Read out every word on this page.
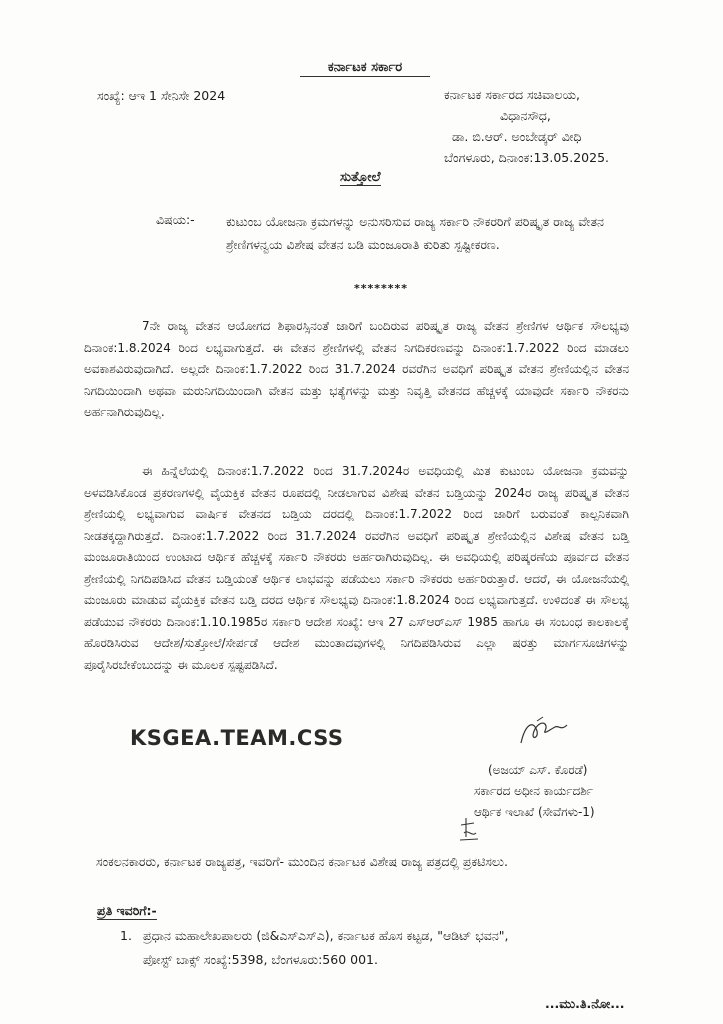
ಕರ್ನಾಟಕ ಸರ್ಕಾರ
ಸಂಖ್ಯೆ: ಆಇ 1 ಸೇನಿಸೇ 2024	ಕರ್ನಾಟಕ ಸರ್ಕಾರದ ಸಚಿವಾಲಯ,
ವಿಧಾನಸೌಧ,
ಡಾ. ಬಿ.ಆರ್. ಅಂಬೇಡ್ಕರ್ ವೀಧಿ
ಬೆಂಗಳೂರು, ದಿನಾಂಕ:13.05.2025.
ಸುತ್ತೋಲೆ
ವಿಷಯ:-	ಕುಟುಂಬ ಯೋಜನಾ ಕ್ರಮಗಳನ್ನು ಅನುಸರಿಸುವ ರಾಜ್ಯ ಸರ್ಕಾರಿ ನೌಕರರಿಗೆ ಪರಿಷ್ಕೃತ ರಾಜ್ಯ ವೇತನ ಶ್ರೇಣಿಗಳನ್ವಯ ವಿಶೇಷ ವೇತನ ಬಡಿ ಮಂಜೂರಾತಿ ಕುರಿತು ಸ್ಪಷ್ಟೀಕರಣ.
********
7ನೇ ರಾಜ್ಯ ವೇತನ ಆಯೋಗದ ಶಿಫಾರಸ್ಸಿನಂತೆ ಜಾರಿಗೆ ಬಂದಿರುವ ಪರಿಷ್ಕೃತ ರಾಜ್ಯ ವೇತನ ಶ್ರೇಣಿಗಳ ಆರ್ಥಿಕ ಸೌಲಭ್ಯವು ದಿನಾಂಕ:1.8.2024 ರಿಂದ ಲಭ್ಯವಾಗುತ್ತದೆ. ಈ ವೇತನ ಶ್ರೇಣಿಗಳಲ್ಲಿ ವೇತನ ನಿಗದಿಕರಣವನ್ನು ದಿನಾಂಕ:1.7.2022 ರಿಂದ ಮಾಡಲು ಅವಕಾಶವಿರುವುದಾಗಿದೆ. ಅಲ್ಲದೇ ದಿನಾಂಕ:1.7.2022 ರಿಂದ 31.7.2024 ರವರೆಗಿನ ಅವಧಿಗೆ ಪರಿಷ್ಕೃತ ವೇತನ ಶ್ರೇಣಿಯಲ್ಲಿನ ವೇತನ ನಿಗದಿಯಿಂದಾಗಿ ಅಥವಾ ಮರುನಿಗದಿಯಿಂದಾಗಿ ವೇತನ ಮತ್ತು ಭತ್ಯೆಗಳನ್ನು ಮತ್ತು ನಿವೃತ್ತಿ ವೇತನದ ಹೆಚ್ಚಳಕ್ಕೆ ಯಾವುದೇ ಸರ್ಕಾರಿ ನೌಕರನು ಅರ್ಹನಾಗಿರುವುದಿಲ್ಲ.
ಈ ಹಿನ್ನೆಲೆಯಲ್ಲಿ ದಿನಾಂಕ:1.7.2022 ರಿಂದ 31.7.2024ರ ಅವಧಿಯಲ್ಲಿ ಮಿತ ಕುಟುಂಬ ಯೋಜನಾ ಕ್ರಮವನ್ನು ಅಳವಡಿಸಿಕೊಂಡ ಪ್ರಕರಣಗಳಲ್ಲಿ ವೈಯಕ್ತಿಕ ವೇತನ ರೂಪದಲ್ಲಿ ನೀಡಲಾಗುವ ವಿಶೇಷ ವೇತನ ಬಡ್ತಿಯನ್ನು 2024ರ ರಾಜ್ಯ ಪರಿಷ್ಕೃತ ವೇತನ ಶ್ರೇಣಿಯಲ್ಲಿ ಲಭ್ಯವಾಗುವ ವಾರ್ಷಿಕ ವೇತನದ ಬಡ್ತಿಯ ದರದಲ್ಲಿ ದಿನಾಂಕ:1.7.2022 ರಿಂದ ಜಾರಿಗೆ ಬರುವಂತೆ ಕಾಲ್ಪನಿಕವಾಗಿ ನೀಡತಕ್ಕದ್ದಾಗಿರುತ್ತದೆ. ದಿನಾಂಕ:1.7.2022 ರಿಂದ 31.7.2024 ರವರೆಗಿನ ಅವಧಿಗೆ ಪರಿಷ್ಕೃತ ಶ್ರೇಣಿಯಲ್ಲಿನ ವಿಶೇಷ ವೇತನ ಬಡ್ತಿ ಮಂಜೂರಾತಿಯಿಂದ ಉಂಟಾದ ಆರ್ಥಿಕ ಹೆಚ್ಚಳಕ್ಕೆ ಸರ್ಕಾರಿ ನೌಕರರು ಅರ್ಹರಾಗಿರುವುದಿಲ್ಲ. ಈ ಅವಧಿಯಲ್ಲಿ ಪರಿಷ್ಕರಣೆಯ ಪೂರ್ವದ ವೇತನ ಶ್ರೇಣಿಯಲ್ಲಿ ನಿಗದಿಪಡಿಸಿದ ವೇತನ ಬಡ್ತಿಯಂತೆ ಆರ್ಥಿಕ ಲಾಭವನ್ನು ಪಡೆಯಲು ಸರ್ಕಾರಿ ನೌಕರರು ಅರ್ಹರಿರುತ್ತಾರೆ. ಆದರೆ, ಈ ಯೋಜನೆಯಲ್ಲಿ ಮಂಜೂರು ಮಾಡುವ ವೈಯಕ್ತಿಕ ವೇತನ ಬಡ್ತಿ ದರದ ಆರ್ಥಿಕ ಸೌಲಭ್ಯವು ದಿನಾಂಕ:1.8.2024 ರಿಂದ ಲಭ್ಯವಾಗುತ್ತದೆ. ಉಳಿದಂತೆ ಈ ಸೌಲಭ್ಯ ಪಡೆಯುವ ನೌಕರರು ದಿನಾಂಕ:1.10.1985ರ ಸರ್ಕಾರಿ ಆದೇಶ ಸಂಖ್ಯೆ: ಆಇ 27 ಎಸ್‌ಆರ್‌ಎಸ್ 1985 ಹಾಗೂ ಈ ಸಂಬಂಧ ಕಾಲಕಾಲಕ್ಕೆ ಹೊರಡಿಸಿರುವ ಆದೇಶ/ಸುತ್ತೋಲೆ/ಸೇರ್ಪಡೆ ಆದೇಶ ಮುಂತಾದವುಗಳಲ್ಲಿ ನಿಗದಿಪಡಿಸಿರುವ ಎಲ್ಲಾ ಷರತ್ತು ಮಾರ್ಗಸೂಚಿಗಳನ್ನು ಪೂರೈಸಿರಬೇಕೆಂಬುದನ್ನು ಈ ಮೂಲಕ ಸ್ಪಷ್ಟಪಡಿಸಿದೆ.
KSGEA.TEAM.CSS
(ಅಜಯ್ ಎಸ್. ಕೊರಡೆ)
ಸರ್ಕಾರದ ಅಧೀನ ಕಾರ್ಯದರ್ಶಿ
ಆರ್ಥಿಕ ಇಲಾಖೆ (ಸೇವೆಗಳು-1)
ಸಂಕಲನಕಾರರು, ಕರ್ನಾಟಕ ರಾಜ್ಯಪತ್ರ, ಇವರಿಗೆ- ಮುಂದಿನ ಕರ್ನಾಟಕ ವಿಶೇಷ ರಾಜ್ಯ ಪತ್ರದಲ್ಲಿ ಪ್ರಕಟಿಸಲು.
ಪ್ರತಿ ಇವರಿಗೆ:-
1. ಪ್ರಧಾನ ಮಹಾಲೇಖಪಾಲರು (ಜಿ&ಎಸ್‌ಎಸ್‌ಎ), ಕರ್ನಾಟಕ ಹೊಸ ಕಟ್ಟಡ, "ಆಡಿಟ್ ಭವನ",
ಪೋಸ್ಟ್ ಬಾಕ್ಸ್ ಸಂಖ್ಯೆ:5398, ಬೆಂಗಳೂರು:560 001.
...ಮು.ತಿ.ನೋ...
